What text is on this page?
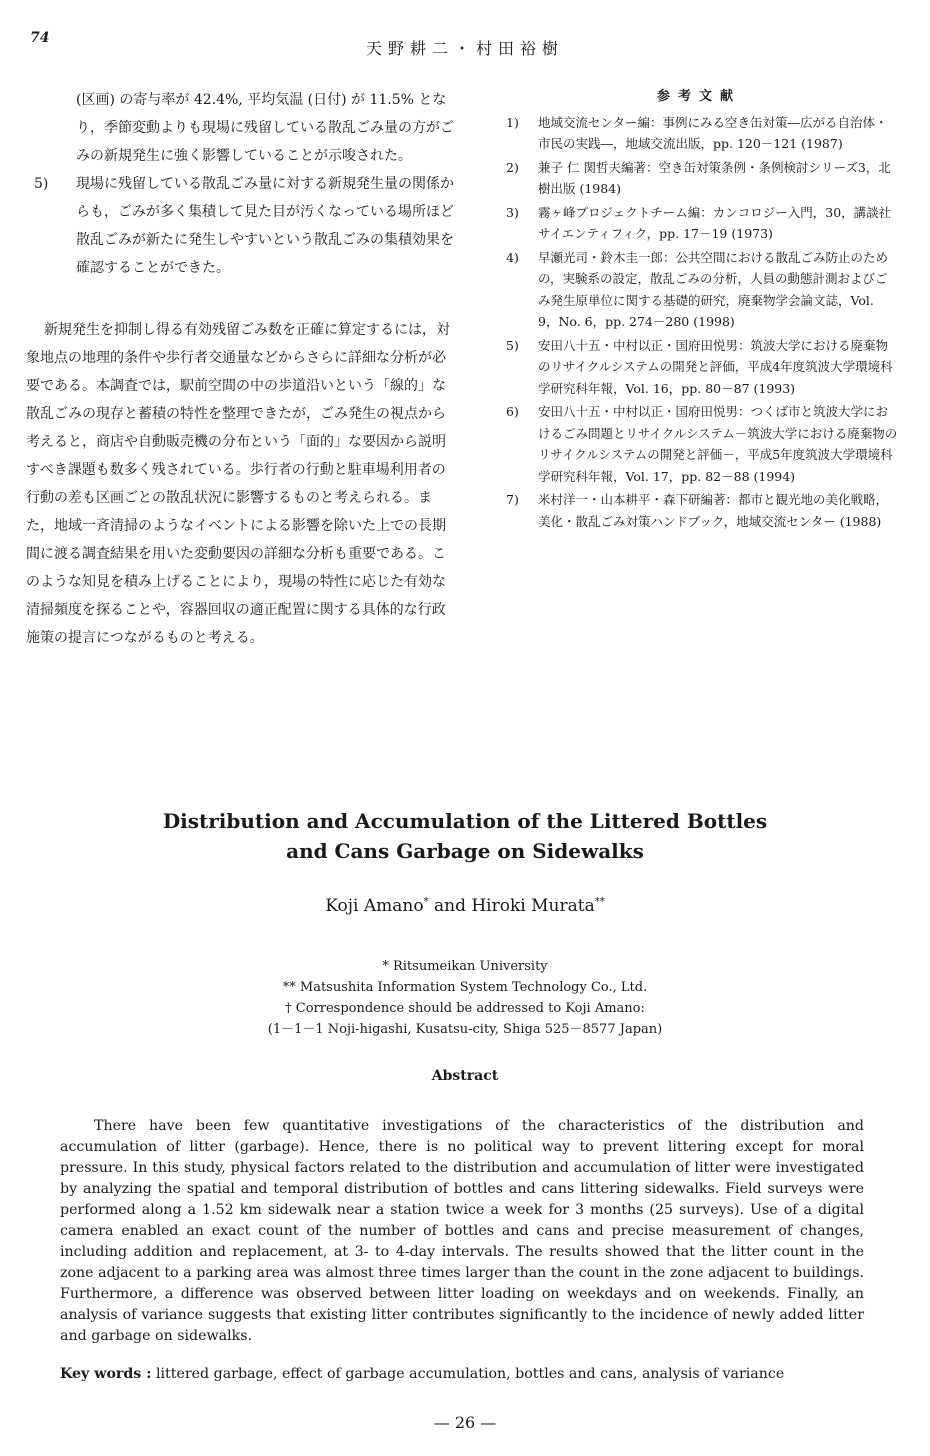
74
天野耕二・村田裕樹

(区画) の寄与率が 42.4%, 平均気温 (日付) が 11.5% となり，季節変動よりも現場に残留している散乱ごみ量の方がごみの新規発生に強く影響していることが示唆された。

5)	現場に残留している散乱ごみ量に対する新規発生量の関係からも，ごみが多く集積して見た目が汚くなっている場所ほど散乱ごみが新たに発生しやすいという散乱ごみの集積効果を確認することができた。

新規発生を抑制し得る有効残留ごみ数を正確に算定するには，対象地点の地理的条件や歩行者交通量などからさらに詳細な分析が必要である。本調査では，駅前空間の中の歩道沿いという「線的」な散乱ごみの現存と蓄積の特性を整理できたが，ごみ発生の視点から考えると，商店や自動販売機の分布という「面的」な要因から説明すべき課題も数多く残されている。歩行者の行動と駐車場利用者の行動の差も区画ごとの散乱状況に影響するものと考えられる。また，地域一斉清掃のようなイベントによる影響を除いた上での長期間に渡る調査結果を用いた変動要因の詳細な分析も重要である。このような知見を積み上げることにより，現場の特性に応じた有効な清掃頻度を探ることや，容器回収の適正配置に関する具体的な行政施策の提言につながるものと考える。

参考文献
1)	地域交流センター編：事例にみる空き缶対策―広がる自治体・市民の実践―，地域交流出版，pp. 120－121 (1987)
2)	兼子 仁 関哲夫編著：空き缶対策条例・条例検討シリーズ3，北樹出版 (1984)
3)	霧ヶ峰プロジェクトチーム編：カンコロジー入門，30，講談社サイエンティフィク，pp. 17－19 (1973)
4)	早瀬光司・鈴木圭一郎：公共空間における散乱ごみ防止のための，実験系の設定，散乱ごみの分析，人員の動態計測およびごみ発生原単位に関する基礎的研究，廃棄物学会論文誌，Vol. 9，No. 6，pp. 274－280 (1998)
5)	安田八十五・中村以正・国府田悦男：筑波大学における廃棄物のリサイクルシステムの開発と評価，平成4年度筑波大学環境科学研究科年報，Vol. 16，pp. 80－87 (1993)
6)	安田八十五・中村以正・国府田悦男：つくば市と筑波大学におけるごみ問題とリサイクルシステム－筑波大学における廃棄物のリサイクルシステムの開発と評価－，平成5年度筑波大学環境科学研究科年報，Vol. 17，pp. 82－88 (1994)
7)	米村洋一・山本耕平・森下研編著：都市と観光地の美化戦略，美化・散乱ごみ対策ハンドブック，地域交流センター (1988)
Distribution and Accumulation of the Littered Bottles
and Cans Garbage on Sidewalks
Koji Amano* and Hiroki Murata**
* Ritsumeikan University
** Matsushita Information System Technology Co., Ltd.
† Correspondence should be addressed to Koji Amano:
(1－1－1 Noji-higashi, Kusatsu-city, Shiga 525－8577 Japan)
Abstract
There have been few quantitative investigations of the characteristics of the distribution and accumulation of litter (garbage). Hence, there is no political way to prevent littering except for moral pressure. In this study, physical factors related to the distribution and accumulation of litter were investigated by analyzing the spatial and temporal distribution of bottles and cans littering sidewalks. Field surveys were performed along a 1.52 km sidewalk near a station twice a week for 3 months (25 surveys). Use of a digital camera enabled an exact count of the number of bottles and cans and precise measurement of changes, including addition and replacement, at 3- to 4-day intervals. The results showed that the litter count in the zone adjacent to a parking area was almost three times larger than the count in the zone adjacent to buildings. Furthermore, a difference was observed between litter loading on weekdays and on weekends. Finally, an analysis of variance suggests that existing litter contributes significantly to the incidence of newly added litter and garbage on sidewalks.
Key words : littered garbage, effect of garbage accumulation, bottles and cans, analysis of variance
— 26 —
